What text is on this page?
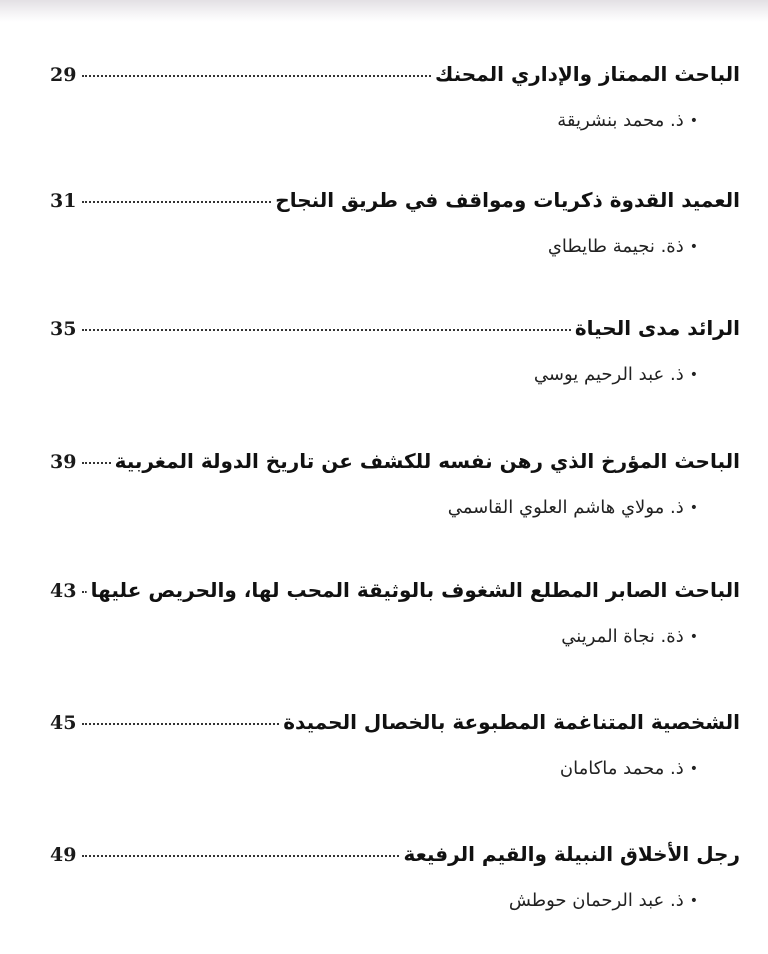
29	الباحث الممتاز والإداري المحنك
•ذ. محمد بنشريقة
31	العميد القدوة ذكريات ومواقف في طريق النجاح
•ذة. نجيمة طايطاي
35	الرائد مدى الحياة
•ذ. عبد الرحيم يوسي
39 الباحث المؤرخ الذي رهن نفسه للكشف عن تاريخ الدولة المغربية
•ذ. مولاي هاشم العلوي القاسمي
43 الباحث الصابر المطلع الشغوف بالوثيقة المحب لها، والحريص عليها
•ذة. نجاة المريني
45	الشخصية المتناغمة المطبوعة بالخصال الحميدة
•ذ. محمد ماكامان
49	رجل الأخلاق النبيلة والقيم الرفيعة
•ذ. عبد الرحمان حوطش
